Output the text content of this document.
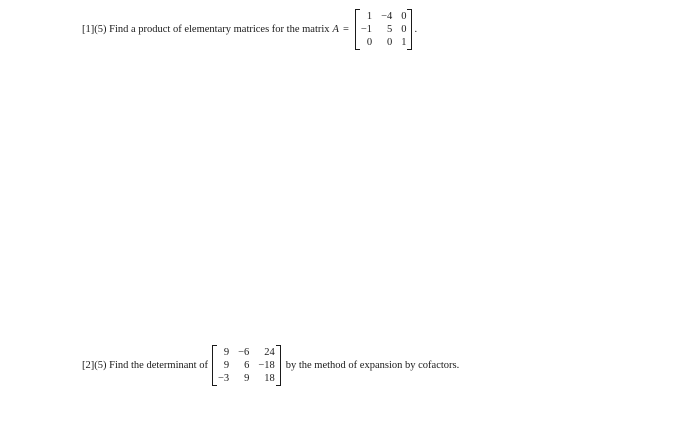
[1](5) Find a product of elementary matrices for the matrix A =
1	−4	0
−1	5	0
0	0	1
.
[2](5) Find the determinant of
9	−6	24
9	6	−18
−3	9	18
by the method of expansion by cofactors.
